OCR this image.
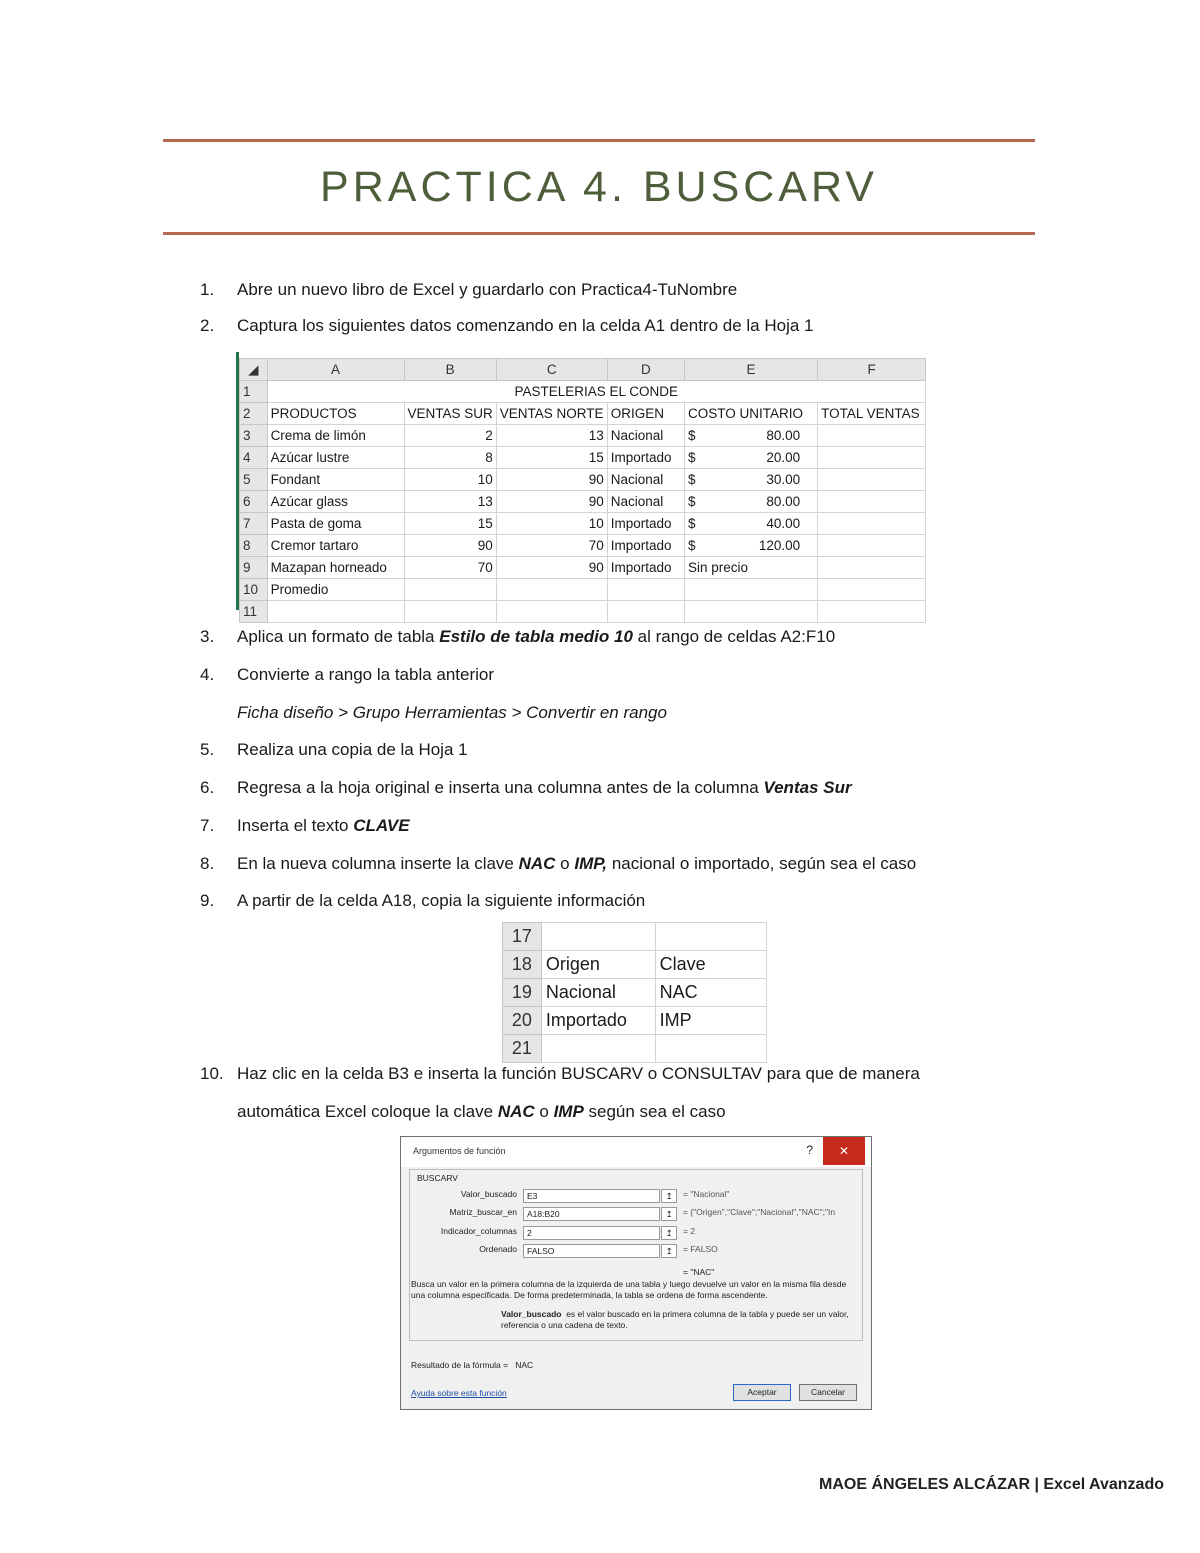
PRACTICA 4. BUSCARV
1. Abre un nuevo libro de Excel y guardarlo con Practica4-TuNombre
2. Captura los siguientes datos comenzando en la celda A1 dentro de la Hoja 1
◢	A	B	C	D	E	F
1	PASTELERIAS EL CONDE					
2	PRODUCTOS	VENTAS SUR	VENTAS NORTE	ORIGEN	COSTO UNITARIO	TOTAL VENTAS
3	Crema de limón	2	13	Nacional	$ 80.00	

4	Azúcar lustre	8	15	Importado	$ 20.00	

5	Fondant	10	90	Nacional	$ 30.00	

6	Azúcar glass	13	90	Nacional	$ 80.00	

7	Pasta de goma	15	10	Importado	$ 40.00	

8	Cremor tartaro	90	70	Importado	$ 120.00	

9	Mazapan horneado	70	90	Importado	Sin precio

10	Promedio					
11						
3. Aplica un formato de tabla Estilo de tabla medio 10 al rango de celdas A2:F10
4. Convierte a rango la tabla anterior
Ficha diseño > Grupo Herramientas > Convertir en rango
5. Realiza una copia de la Hoja 1
6. Regresa a la hoja original e inserta una columna antes de la columna Ventas Sur
7. Inserta el texto CLAVE
8. En la nueva columna inserte la clave NAC o IMP, nacional o importado, según sea el caso
9. A partir de la celda A18, copia la siguiente información
17		
18	Origen	Clave
19	Nacional	NAC
20	Importado	IMP
21		
10. Haz clic en la celda B3 e inserta la función BUSCARV o CONSULTAV para que de manera
automática Excel coloque la clave NAC o IMP según sea el caso
Argumentos de función	?	✕
BUSCARV
Valor_buscado	E3	↥	= "Nacional"
Matriz_buscar_en	A18:B20	↥	= {"Origen","Clave";"Nacional","NAC";"In
Indicador_columnas	2	↥	= 2
Ordenado	FALSO	↥	= FALSO
= "NAC"
Busca un valor en la primera columna de la izquierda de una tabla y luego devuelve un valor en la misma fila desde una columna especificada. De forma predeterminada, la tabla se ordena de forma ascendente.
Valor_buscado es el valor buscado en la primera columna de la tabla y puede ser un valor, referencia o una cadena de texto.
Resultado de la fórmula = NAC
Ayuda sobre esta función	Aceptar	Cancelar
MAOE ÁNGELES ALCÁZAR | Excel Avanzado
